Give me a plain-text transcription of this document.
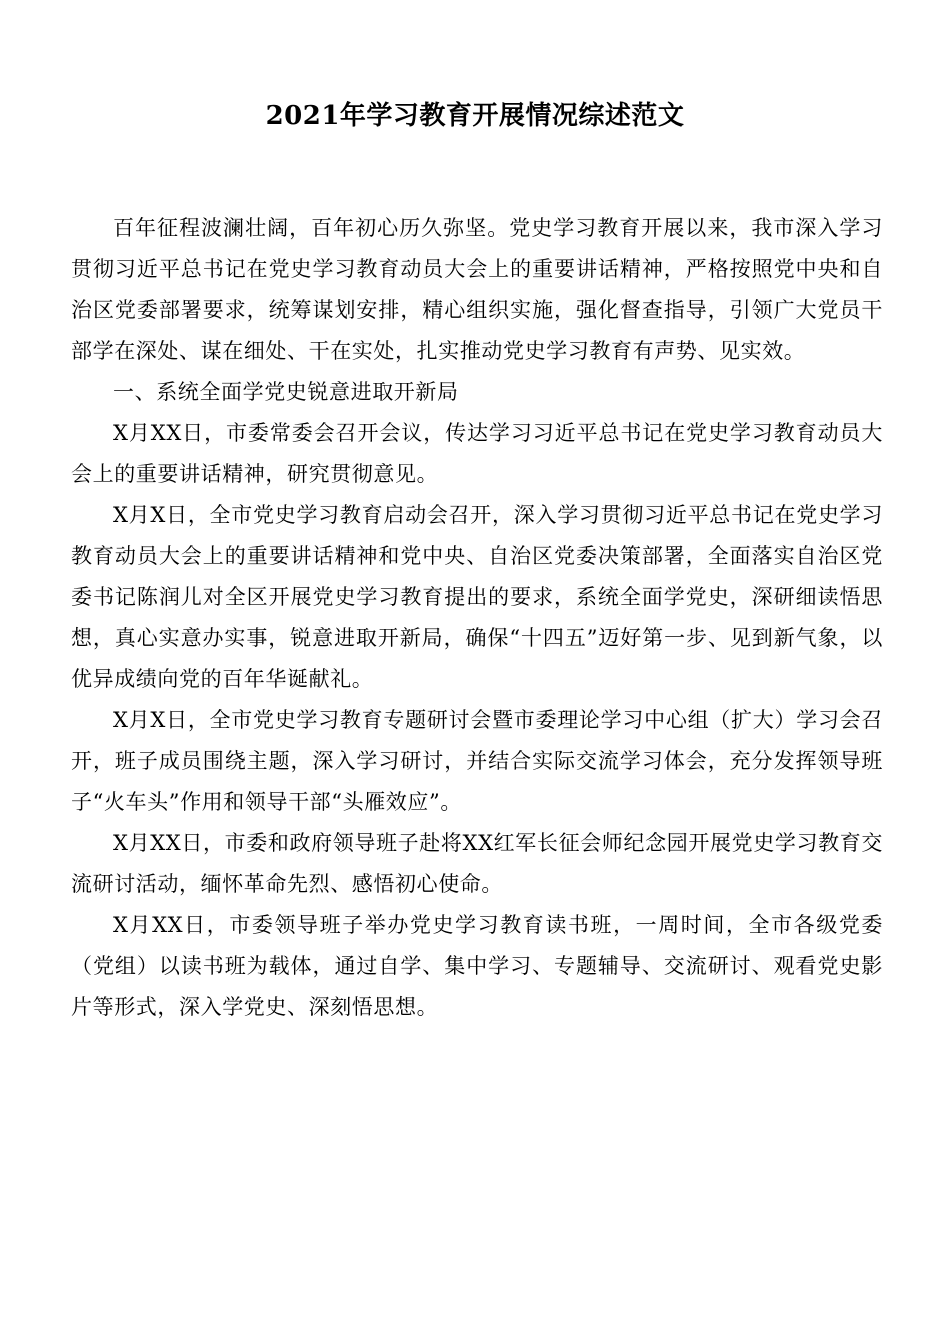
2021年学习教育开展情况综述范文

百年征程波澜壮阔，百年初心历久弥坚。党史学习教育开展以来，我市深入学习贯彻习近平总书记在党史学习教育动员大会上的重要讲话精神，严格按照党中央和自治区党委部署要求，统筹谋划安排，精心组织实施，强化督查指导，引领广大党员干部学在深处、谋在细处、干在实处，扎实推动党史学习教育有声势、见实效。

一、系统全面学党史锐意进取开新局

X月XX日，市委常委会召开会议，传达学习习近平总书记在党史学习教育动员大会上的重要讲话精神，研究贯彻意见。

X月X日，全市党史学习教育启动会召开，深入学习贯彻习近平总书记在党史学习教育动员大会上的重要讲话精神和党中央、自治区党委决策部署，全面落实自治区党委书记陈润儿对全区开展党史学习教育提出的要求，系统全面学党史，深研细读悟思想，真心实意办实事，锐意进取开新局，确保“十四五”迈好第一步、见到新气象，以优异成绩向党的百年华诞献礼。

X月X日，全市党史学习教育专题研讨会暨市委理论学习中心组（扩大）学习会召开，班子成员围绕主题，深入学习研讨，并结合实际交流学习体会，充分发挥领导班子“火车头”作用和领导干部“头雁效应”。

X月XX日，市委和政府领导班子赴将XX红军长征会师纪念园开展党史学习教育交流研讨活动，缅怀革命先烈、感悟初心使命。

X月XX日，市委领导班子举办党史学习教育读书班，一周时间，全市各级党委（党组）以读书班为载体，通过自学、集中学习、专题辅导、交流研讨、观看党史影片等形式，深入学党史、深刻悟思想。
